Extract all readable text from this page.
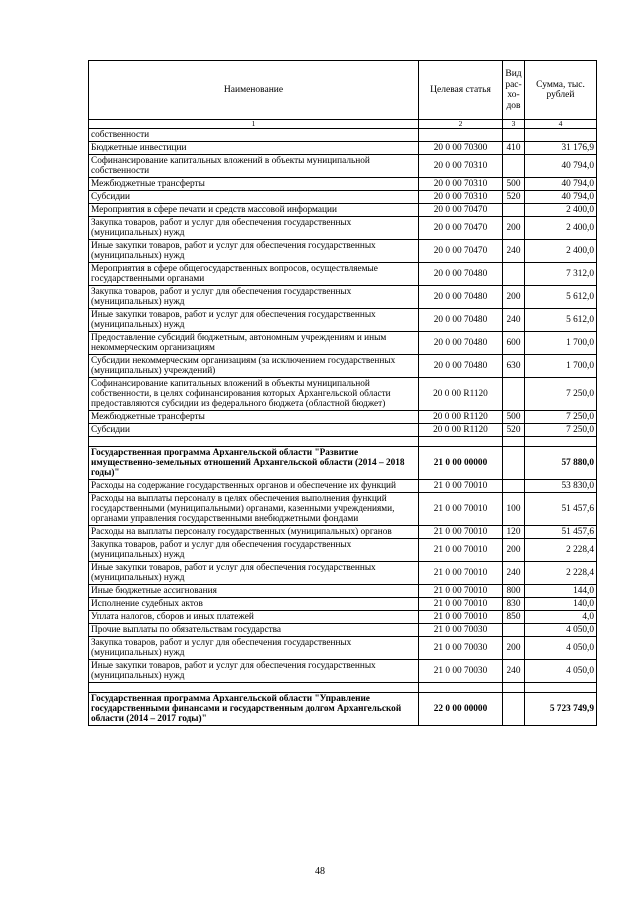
Наименование	Целевая статья	Вид рас-хо-дов	Сумма, тыс. рублей
1	2	3	4
собственности			
Бюджетные инвестиции	20 0 00 70300	410	31 176,9
Софинансирование капитальных вложений в объекты муниципальной собственности	20 0 00 70310		40 794,0
Межбюджетные трансферты	20 0 00 70310	500	40 794,0
Субсидии	20 0 00 70310	520	40 794,0
Мероприятия в сфере печати и средств массовой информации	20 0 00 70470		2 400,0
Закупка товаров, работ и услуг для обеспечения государственных (муниципальных) нужд	20 0 00 70470	200	2 400,0
Иные закупки товаров, работ и услуг для обеспечения государственных (муниципальных) нужд	20 0 00 70470	240	2 400,0
Мероприятия в сфере общегосударственных вопросов, осуществляемые государственными органами	20 0 00 70480		7 312,0
Закупка товаров, работ и услуг для обеспечения государственных (муниципальных) нужд	20 0 00 70480	200	5 612,0
Иные закупки товаров, работ и услуг для обеспечения государственных (муниципальных) нужд	20 0 00 70480	240	5 612,0
Предоставление субсидий бюджетным, автономным учреждениям и иным некоммерческим организациям	20 0 00 70480	600	1 700,0
Субсидии некоммерческим организациям (за исключением государственных (муниципальных) учреждений)	20 0 00 70480	630	1 700,0
Софинансирование капитальных вложений в объекты муниципальной собственности, в целях софинансирования которых Архангельской области предоставляются субсидии из федерального бюджета (областной бюджет)	20 0 00 R1120		7 250,0
Межбюджетные трансферты	20 0 00 R1120	500	7 250,0
Субсидии	20 0 00 R1120	520	7 250,0

Государственная программа Архангельской области "Развитие имущественно-земельных отношений Архангельской области (2014 – 2018 годы)"	21 0 00 00000		57 880,0
Расходы на содержание государственных органов и обеспечение их функций	21 0 00 70010		53 830,0
Расходы на выплаты персоналу в целях обеспечения выполнения функций государственными (муниципальными) органами, казенными учреждениями, органами управления государственными внебюджетными фондами	21 0 00 70010	100	51 457,6
Расходы на выплаты персоналу государственных (муниципальных) органов	21 0 00 70010	120	51 457,6
Закупка товаров, работ и услуг для обеспечения государственных (муниципальных) нужд	21 0 00 70010	200	2 228,4
Иные закупки товаров, работ и услуг для обеспечения государственных (муниципальных) нужд	21 0 00 70010	240	2 228,4
Иные бюджетные ассигнования	21 0 00 70010	800	144,0
Исполнение судебных актов	21 0 00 70010	830	140,0
Уплата налогов, сборов и иных платежей	21 0 00 70010	850	4,0
Прочие выплаты по обязательствам государства	21 0 00 70030		4 050,0
Закупка товаров, работ и услуг для обеспечения государственных (муниципальных) нужд	21 0 00 70030	200	4 050,0
Иные закупки товаров, работ и услуг для обеспечения государственных (муниципальных) нужд	21 0 00 70030	240	4 050,0

Государственная программа Архангельской области "Управление государственными финансами и государственным долгом Архангельской области (2014 – 2017 годы)"	22 0 00 00000		5 723 749,9
48
